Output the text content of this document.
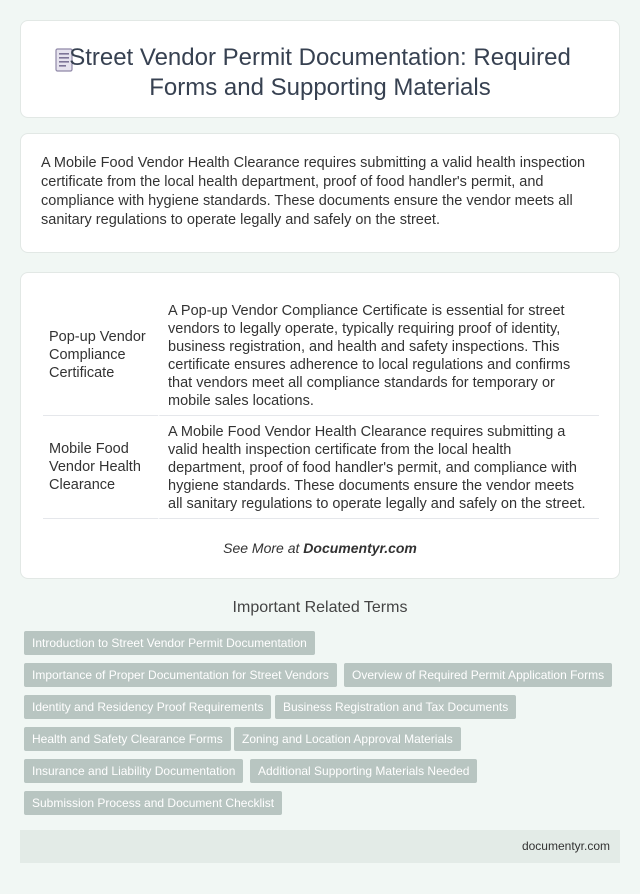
Street Vendor Permit Documentation: Required
Forms and Supporting Materials

A Mobile Food Vendor Health Clearance requires submitting a valid health inspection certificate from the local health department, proof of food handler's permit, and compliance with hygiene standards. These documents ensure the vendor meets all sanitary regulations to operate legally and safely on the street.

Pop-up Vendor Compliance Certificate	A Pop-up Vendor Compliance Certificate is essential for street vendors to legally operate, typically requiring proof of identity, business registration, and health and safety inspections. This certificate ensures adherence to local regulations and confirms that vendors meet all compliance standards for temporary or mobile sales locations.
Mobile Food Vendor Health Clearance	A Mobile Food Vendor Health Clearance requires submitting a valid health inspection certificate from the local health department, proof of food handler's permit, and compliance with hygiene standards. These documents ensure the vendor meets all sanitary regulations to operate legally and safely on the street.
See More at Documentyr.com
Important Related Terms
Introduction to Street Vendor Permit Documentation
Importance of Proper Documentation for Street Vendors	Overview of Required Permit Application Forms
Identity and Residency Proof Requirements	Business Registration and Tax Documents
Health and Safety Clearance Forms	Zoning and Location Approval Materials
Insurance and Liability Documentation	Additional Supporting Materials Needed
Submission Process and Document Checklist
documentyr.com
